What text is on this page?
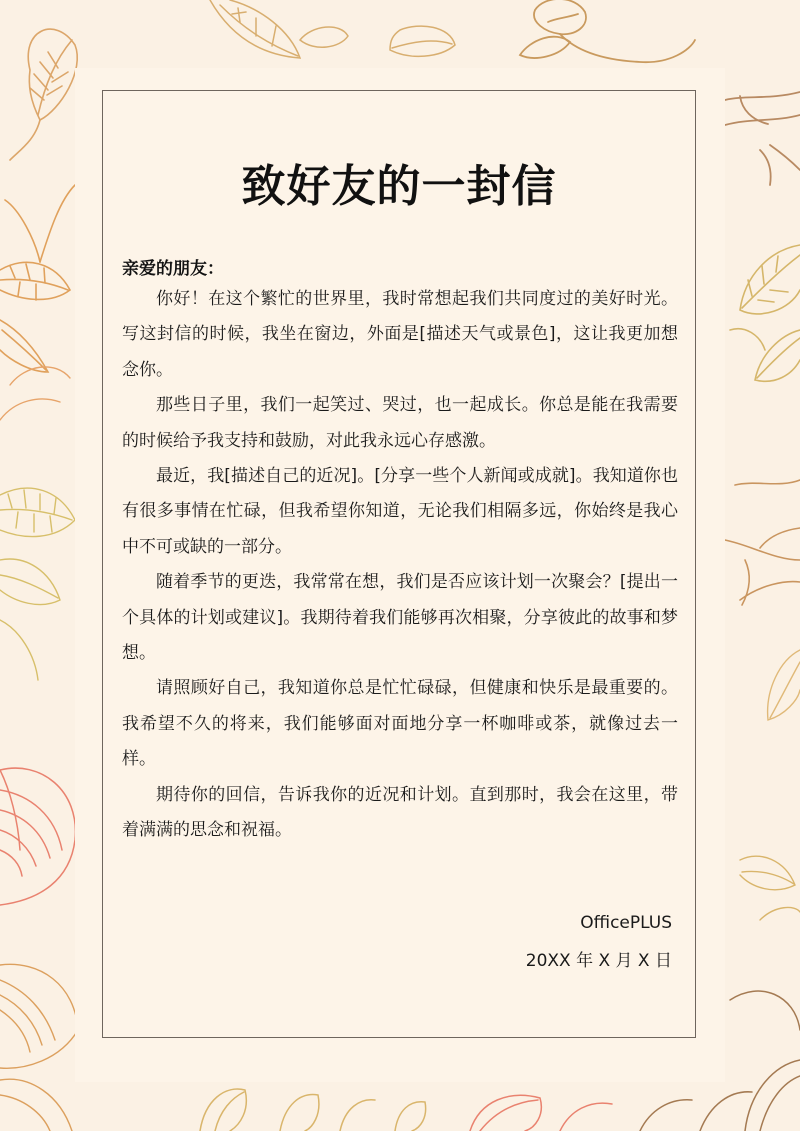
致好友的一封信
亲爱的朋友：

你好！在这个繁忙的世界里，我时常想起我们共同度过的美好时光。写这封信的时候，我坐在窗边，外面是[描述天气或景色]，这让我更加想念你。

那些日子里，我们一起笑过、哭过，也一起成长。你总是能在我需要的时候给予我支持和鼓励，对此我永远心存感激。

最近，我[描述自己的近况]。[分享一些个人新闻或成就]。我知道你也有很多事情在忙碌，但我希望你知道，无论我们相隔多远，你始终是我心中不可或缺的一部分。

随着季节的更迭，我常常在想，我们是否应该计划一次聚会？[提出一个具体的计划或建议]。我期待着我们能够再次相聚，分享彼此的故事和梦想。

请照顾好自己，我知道你总是忙忙碌碌，但健康和快乐是最重要的。我希望不久的将来，我们能够面对面地分享一杯咖啡或茶，就像过去一样。

期待你的回信，告诉我你的近况和计划。直到那时，我会在这里，带着满满的思念和祝福。

OfficePLUS
20XX 年 X 月 X 日
